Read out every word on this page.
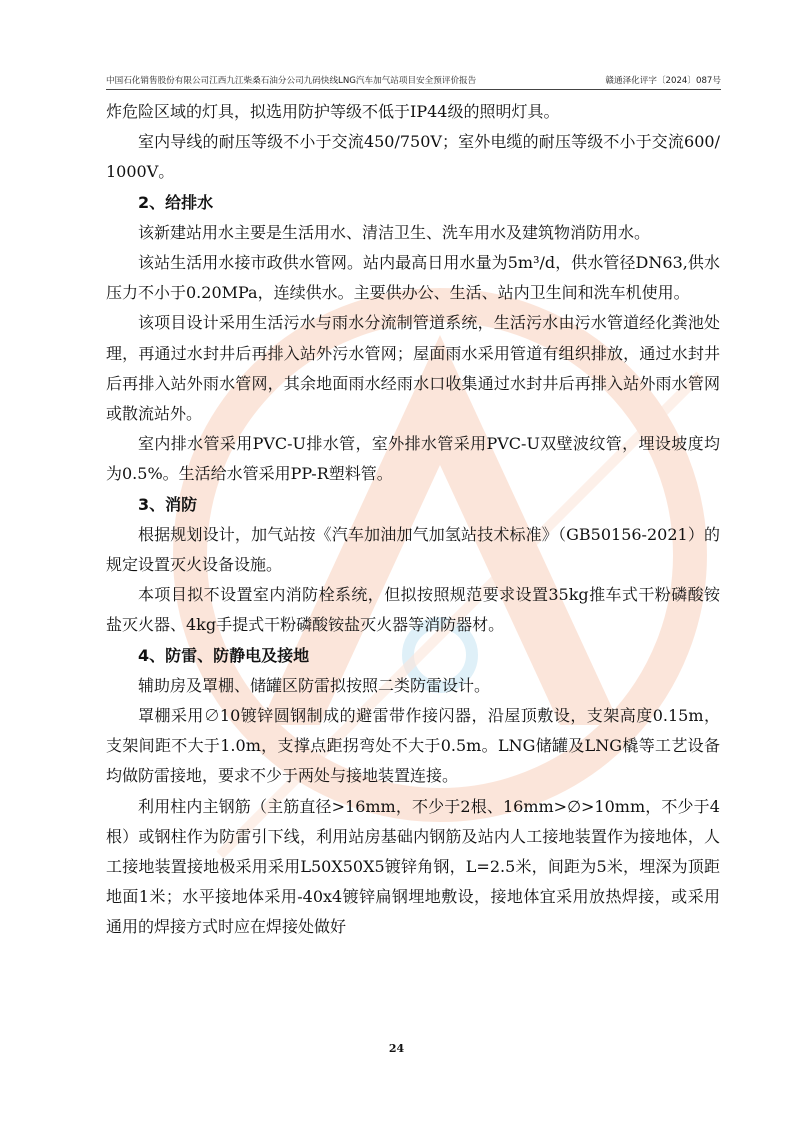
中国石化销售股份有限公司江西九江柴桑石油分公司九码快线LNG汽车加气站项目安全预评价报告	赣通泽化评字〔2024〕087号

炸危险区域的灯具，拟选用防护等级不低于IP44级的照明灯具。

室内导线的耐压等级不小于交流450/750V；室外电缆的耐压等级不小于交流600/1000V。

2、给排水

该新建站用水主要是生活用水、清洁卫生、洗车用水及建筑物消防用水。

该站生活用水接市政供水管网。站内最高日用水量为5m³/d，供水管径DN63,供水压力不小于0.20MPa，连续供水。主要供办公、生活、站内卫生间和洗车机使用。

该项目设计采用生活污水与雨水分流制管道系统，生活污水由污水管道经化粪池处理，再通过水封井后再排入站外污水管网；屋面雨水采用管道有组织排放，通过水封井后再排入站外雨水管网，其余地面雨水经雨水口收集通过水封井后再排入站外雨水管网或散流站外。

室内排水管采用PVC-U排水管，室外排水管采用PVC-U双壁波纹管，埋设坡度均为0.5%。生活给水管采用PP-R塑料管。

3、消防

根据规划设计，加气站按《汽车加油加气加氢站技术标准》（GB50156-2021）的规定设置灭火设备设施。

本项目拟不设置室内消防栓系统，但拟按照规范要求设置35kg推车式干粉磷酸铵盐灭火器、4kg手提式干粉磷酸铵盐灭火器等消防器材。

4、防雷、防静电及接地

辅助房及罩棚、储罐区防雷拟按照二类防雷设计。

罩棚采用∅10镀锌圆钢制成的避雷带作接闪器，沿屋顶敷设，支架高度0.15m，支架间距不大于1.0m，支撑点距拐弯处不大于0.5m。LNG储罐及LNG橇等工艺设备均做防雷接地，要求不少于两处与接地装置连接。

利用柱内主钢筋（主筋直径>16mm，不少于2根、16mm>∅>10mm，不少于4根）或钢柱作为防雷引下线，利用站房基础内钢筋及站内人工接地装置作为接地体，人工接地装置接地极采用采用L50X50X5镀锌角钢，L=2.5米，间距为5米，埋深为顶距地面1米；水平接地体采用-40x4镀锌扁钢埋地敷设，接地体宜采用放热焊接，或采用通用的焊接方式时应在焊接处做好

24
